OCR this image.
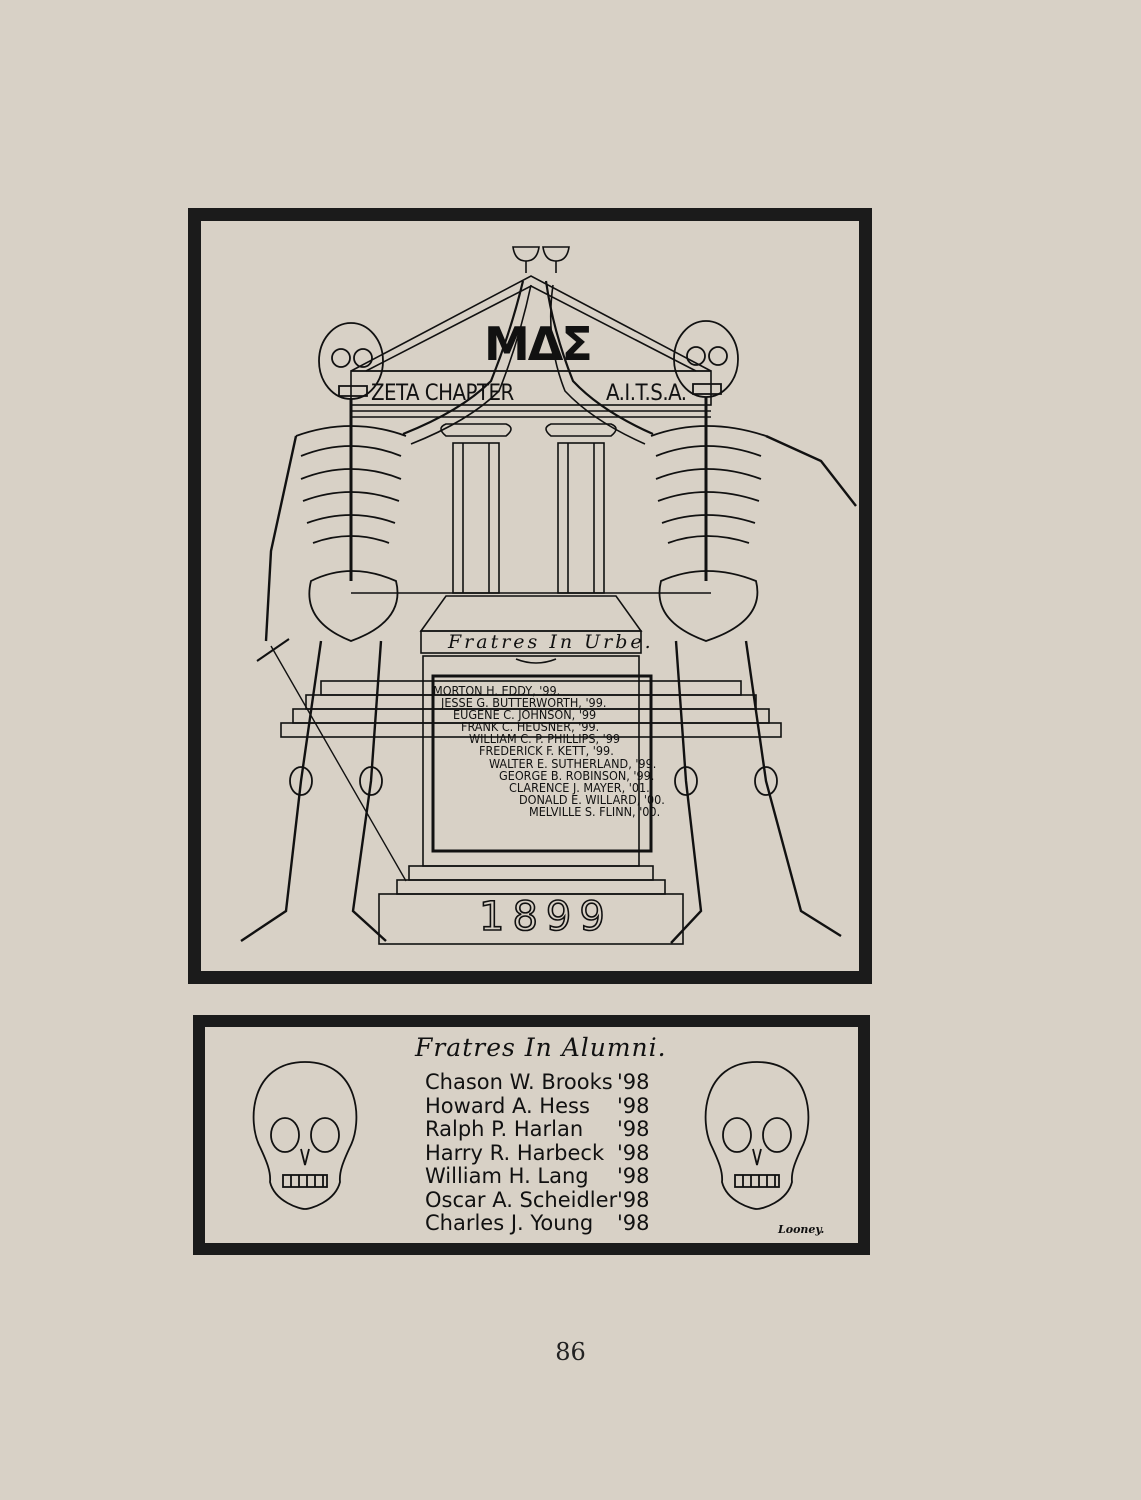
ΜΔΣ
ZETA CHAPTER	A.I.T.S.A.
Fratres In Urbe.
MORTON H. EDDY, '99.
JESSE G. BUTTERWORTH, '99.
EUGENE C. JOHNSON, '99
FRANK C. HEUSNER, '99.
WILLIAM C. P. PHILLIPS, '99
FREDERICK F. KETT, '99.
WALTER E. SUTHERLAND, '99.
GEORGE B. ROBINSON, '99.
CLARENCE J. MAYER, '01.
DONALD E. WILLARD, '00.
MELVILLE S. FLINN, '00.
1899
Fratres In Alumni.
Chason W. Brooks '98
Howard A. Hess '98
Ralph P. Harlan '98
Harry R. Harbeck '98
William H. Lang '98
Oscar A. Scheidler '98
Charles J. Young '98	Looney.
86
